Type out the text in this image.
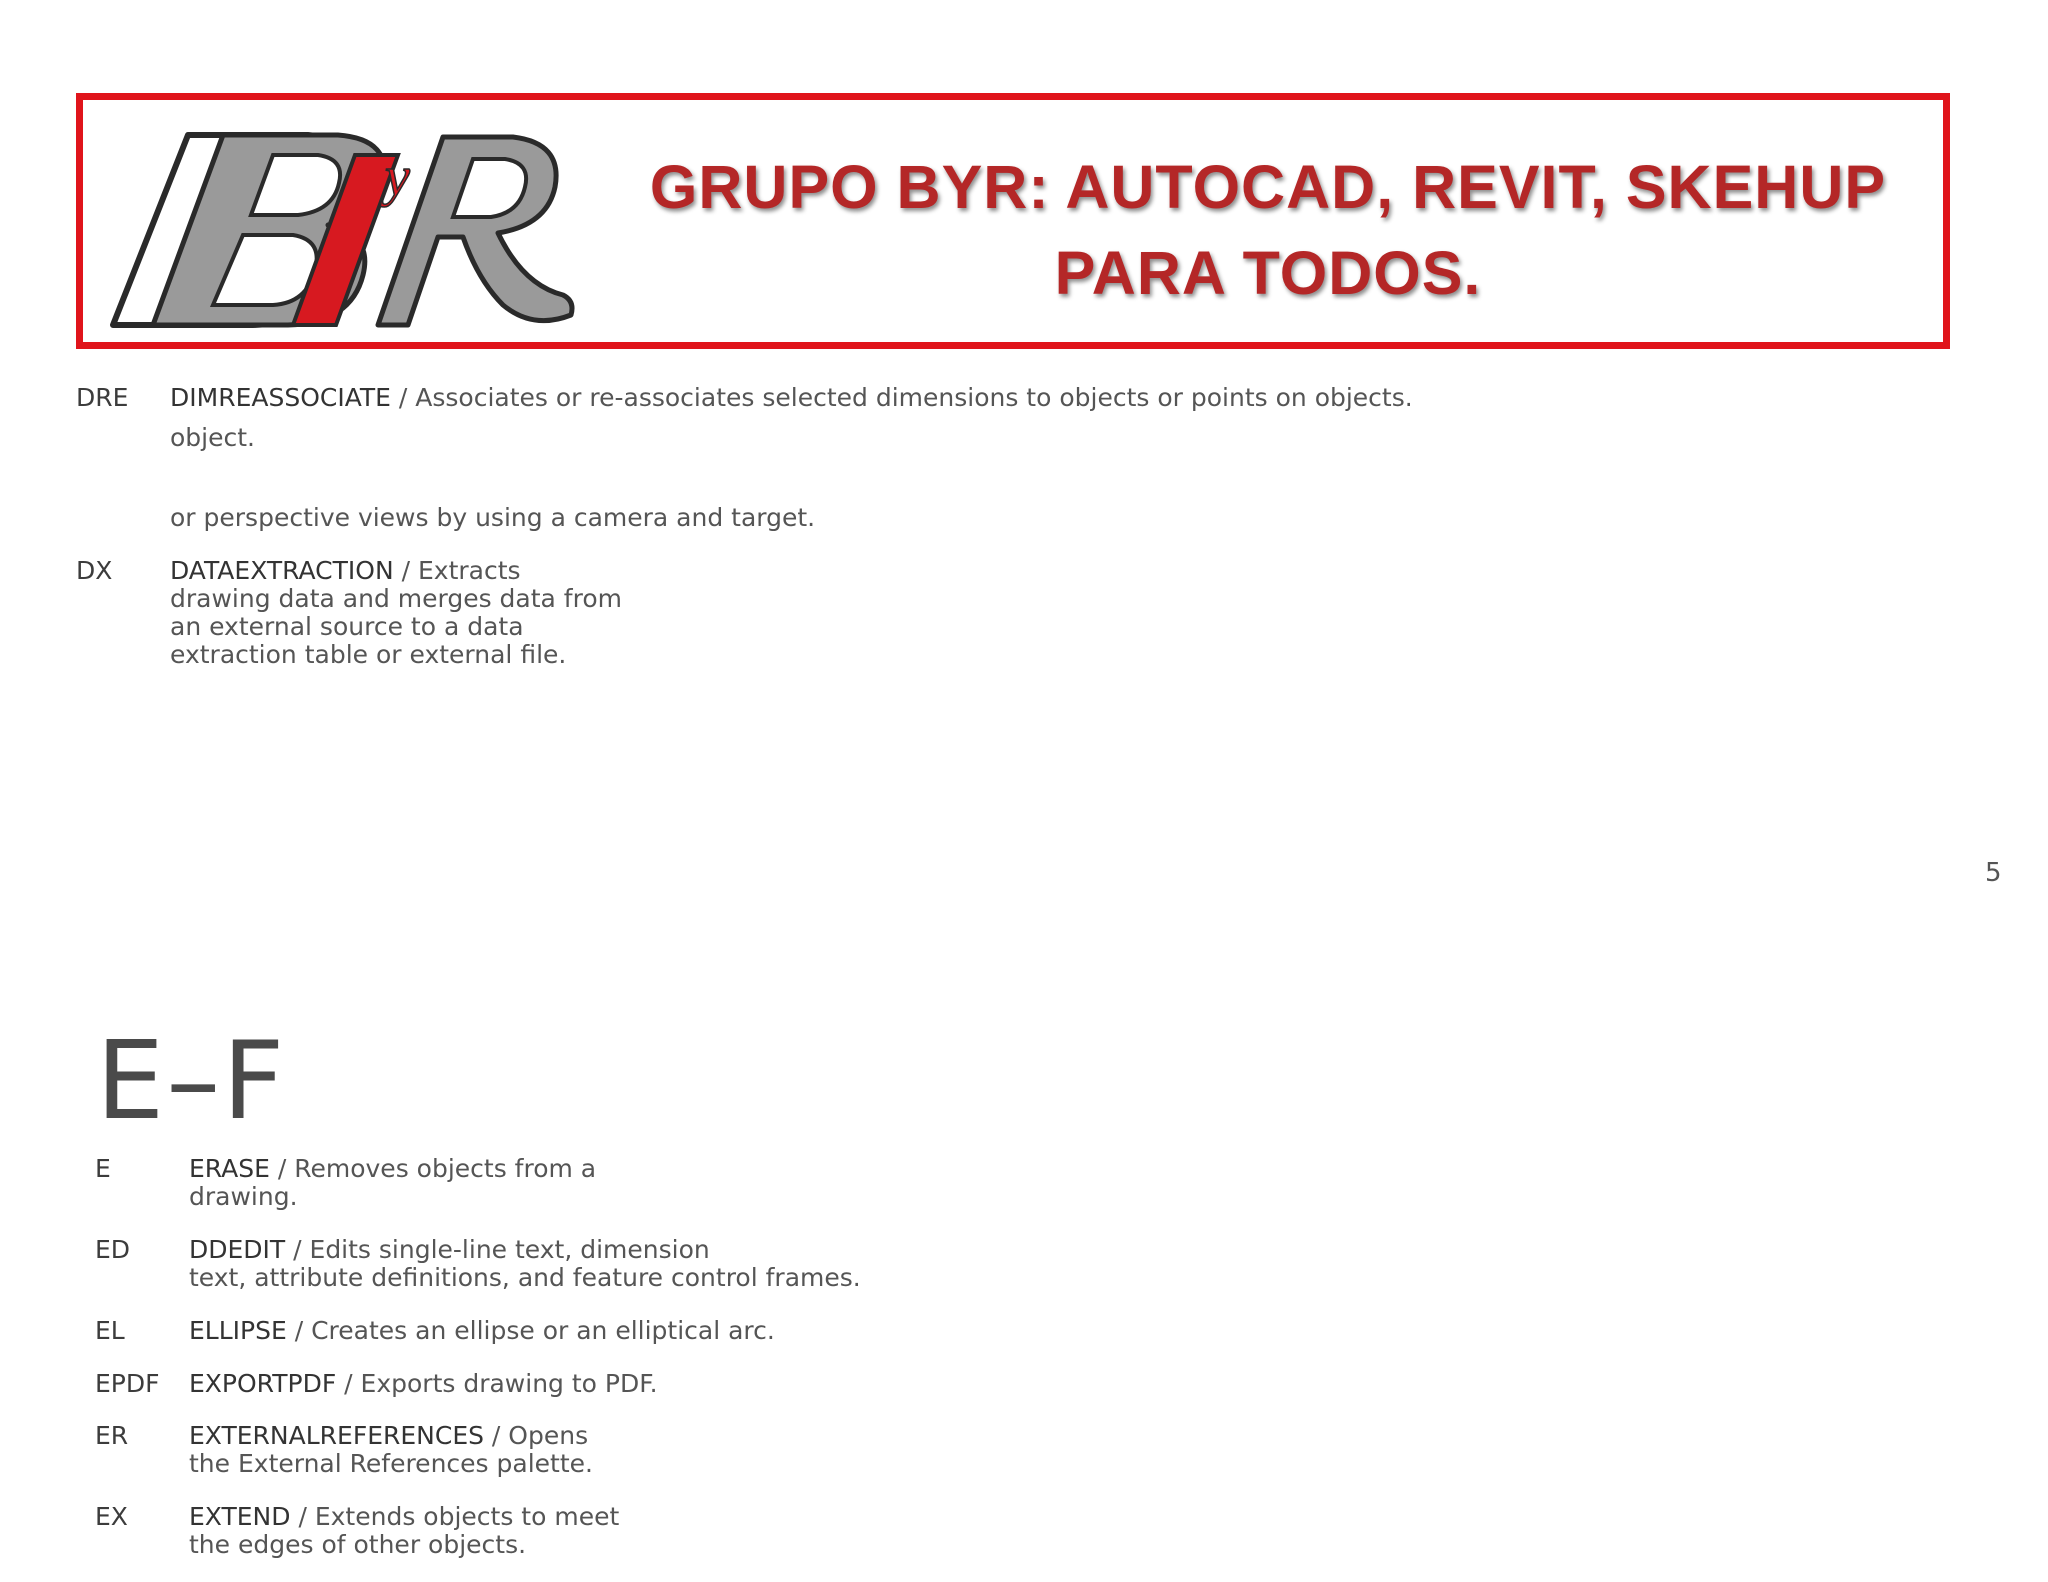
y	GRUPO BYR: AUTOCAD, REVIT, SKEHUP
PARA TODOS.
DRE DIMREASSOCIATE / Associates or re-associates selected dimensions to objects or points on objects.
object.
or perspective views by using a camera and target.
DX DATAEXTRACTION / Extracts
drawing data and merges data from
an external source to a data
extraction table or external file.
5
E–F
E	ERASE / Removes objects from a
drawing.
ED DDEDIT / Edits single-line text, dimension
text, attribute definitions, and feature control frames.
EL	ELLIPSE / Creates an ellipse or an elliptical arc.
EPDF EXPORTPDF / Exports drawing to PDF.
ER EXTERNALREFERENCES / Opens
the External References palette.
EX EXTEND / Extends objects to meet
the edges of other objects.
